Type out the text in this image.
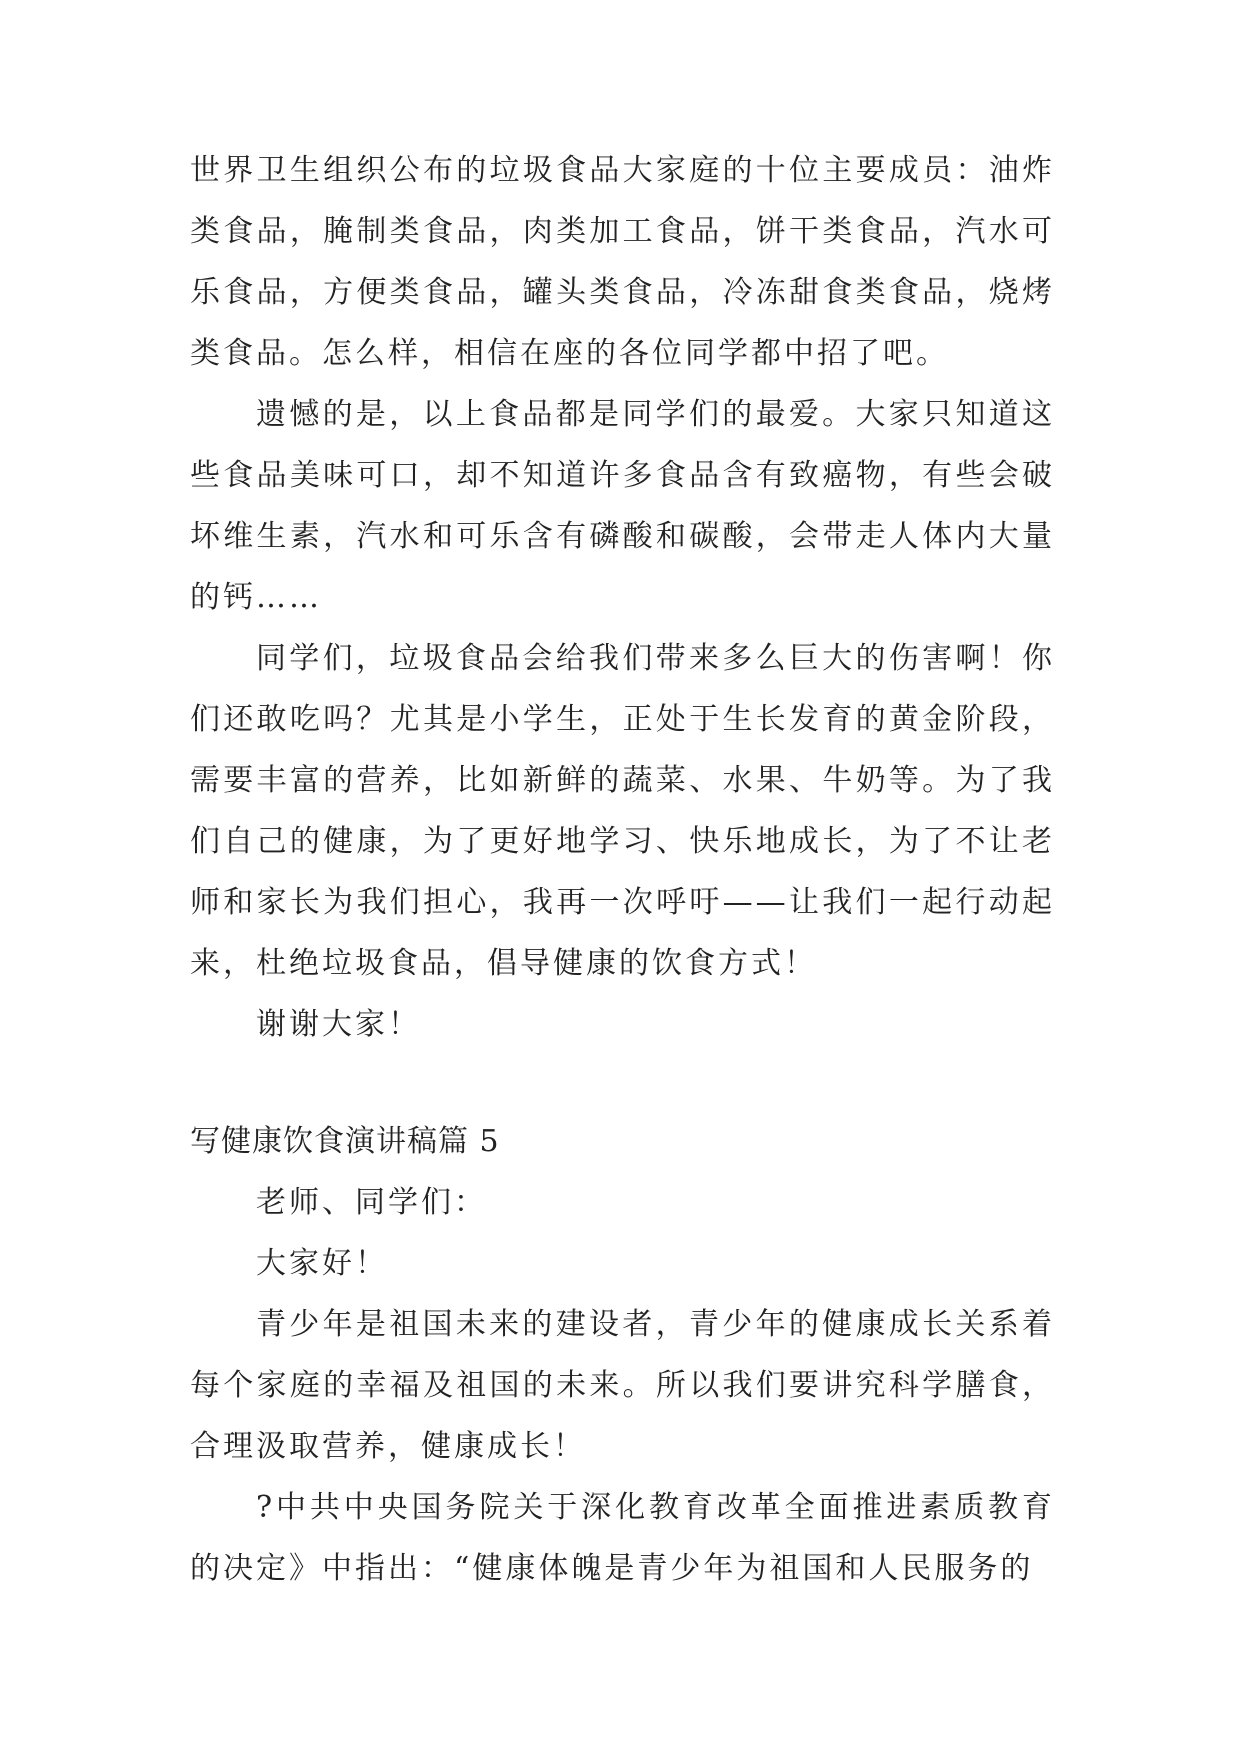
世界卫生组织公布的垃圾食品大家庭的十位主要成员：油炸类食品，腌制类食品，肉类加工食品，饼干类食品，汽水可乐食品，方便类食品，罐头类食品，冷冻甜食类食品，烧烤类食品。怎么样，相信在座的各位同学都中招了吧。

遗憾的是，以上食品都是同学们的最爱。大家只知道这些食品美味可口，却不知道许多食品含有致癌物，有些会破坏维生素，汽水和可乐含有磷酸和碳酸，会带走人体内大量的钙……

同学们，垃圾食品会给我们带来多么巨大的伤害啊！你们还敢吃吗？尤其是小学生，正处于生长发育的黄金阶段，需要丰富的营养，比如新鲜的蔬菜、水果、牛奶等。为了我们自己的健康，为了更好地学习、快乐地成长，为了不让老师和家长为我们担心，我再一次呼吁——让我们一起行动起来，杜绝垃圾食品，倡导健康的饮食方式！

谢谢大家！

写健康饮食演讲稿篇 5

老师、同学们：

大家好！

青少年是祖国未来的建设者，青少年的健康成长关系着每个家庭的幸福及祖国的未来。所以我们要讲究科学膳食，合理汲取营养，健康成长！

?中共中央国务院关于深化教育改革全面推进素质教育的决定》中指出：“健康体魄是青少年为祖国和人民服务的
